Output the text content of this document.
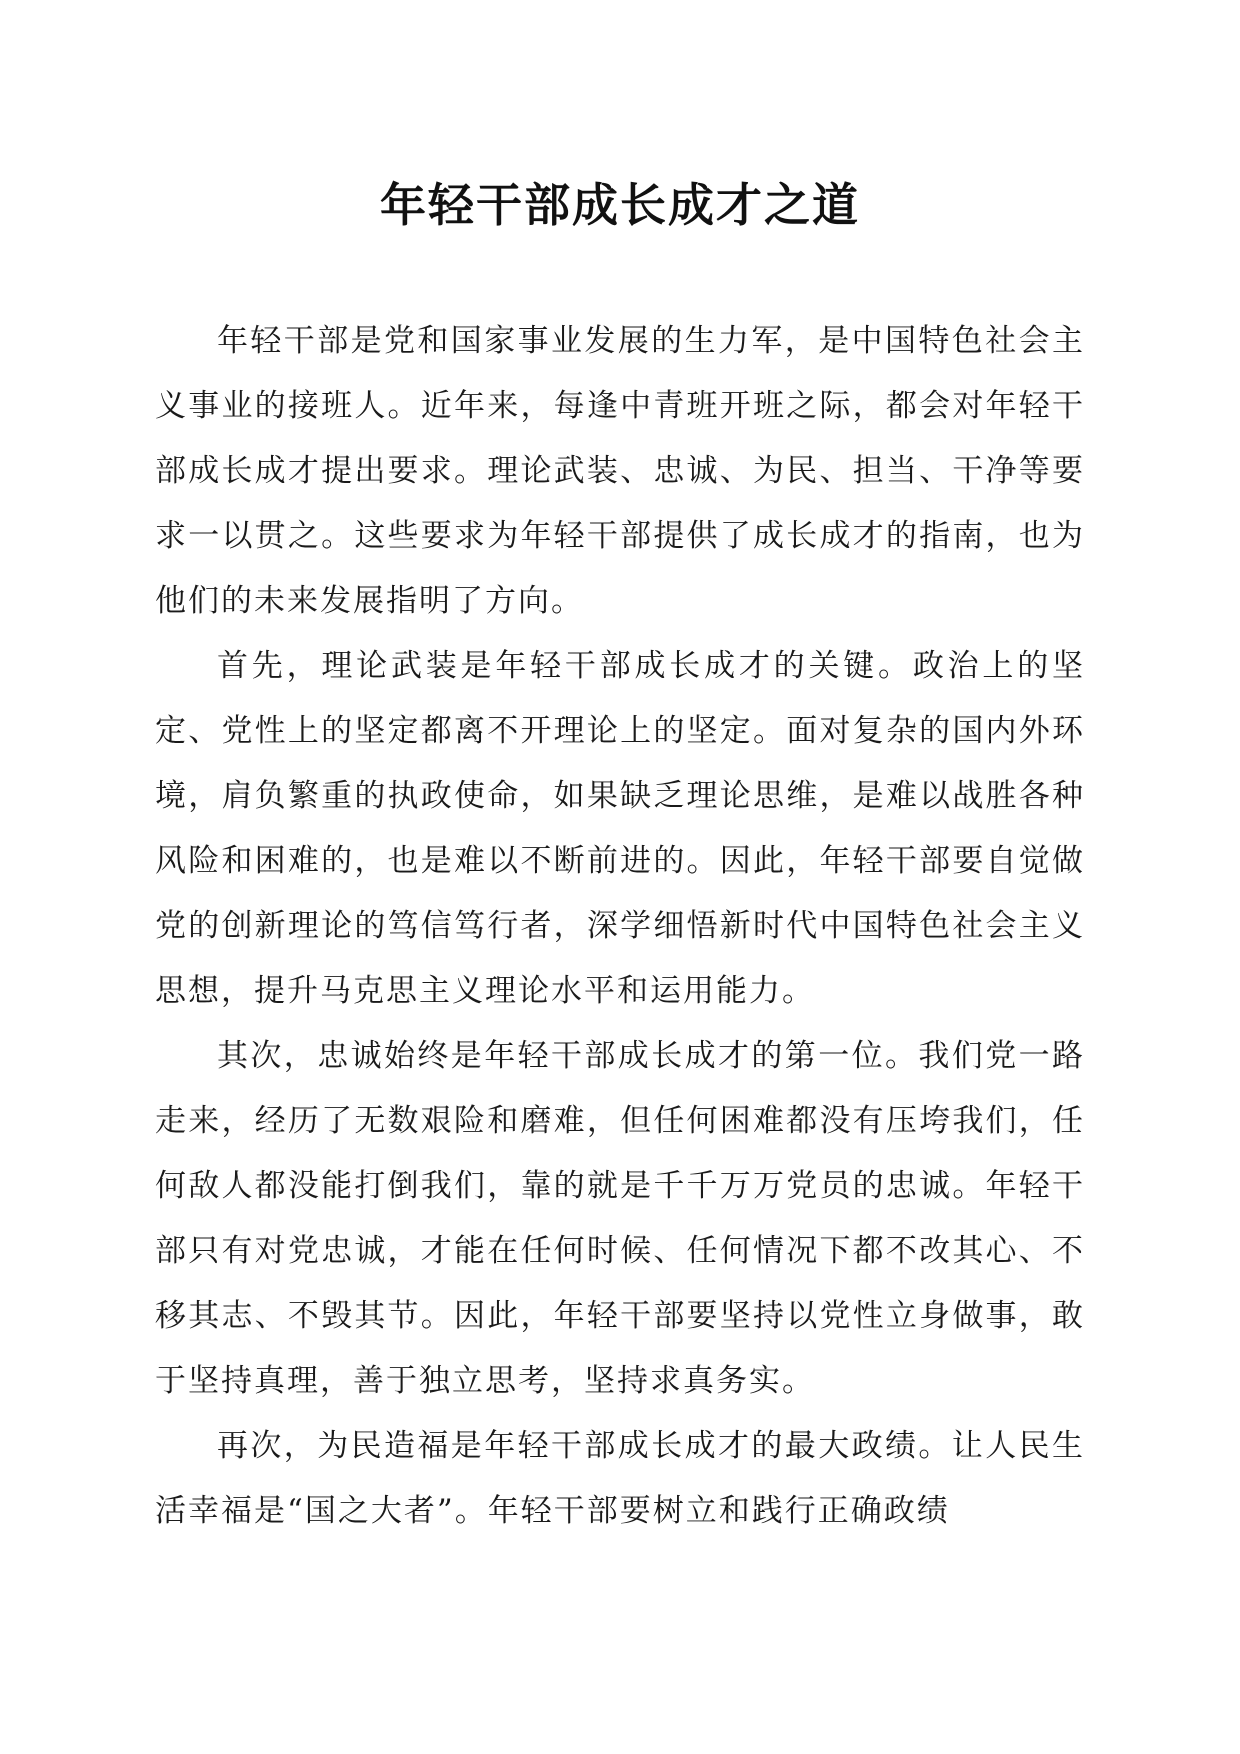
年轻干部成长成才之道

年轻干部是党和国家事业发展的生力军，是中国特色社会主义事业的接班人。近年来，每逢中青班开班之际，都会对年轻干部成长成才提出要求。理论武装、忠诚、为民、担当、干净等要求一以贯之。这些要求为年轻干部提供了成长成才的指南，也为他们的未来发展指明了方向。

首先，理论武装是年轻干部成长成才的关键。政治上的坚定、党性上的坚定都离不开理论上的坚定。面对复杂的国内外环境，肩负繁重的执政使命，如果缺乏理论思维，是难以战胜各种风险和困难的，也是难以不断前进的。因此，年轻干部要自觉做党的创新理论的笃信笃行者，深学细悟新时代中国特色社会主义思想，提升马克思主义理论水平和运用能力。

其次，忠诚始终是年轻干部成长成才的第一位。我们党一路走来，经历了无数艰险和磨难，但任何困难都没有压垮我们，任何敌人都没能打倒我们，靠的就是千千万万党员的忠诚。年轻干部只有对党忠诚，才能在任何时候、任何情况下都不改其心、不移其志、不毁其节。因此，年轻干部要坚持以党性立身做事，敢于坚持真理，善于独立思考，坚持求真务实。

再次，为民造福是年轻干部成长成才的最大政绩。让人民生活幸福是“国之大者”。年轻干部要树立和践行正确政绩
